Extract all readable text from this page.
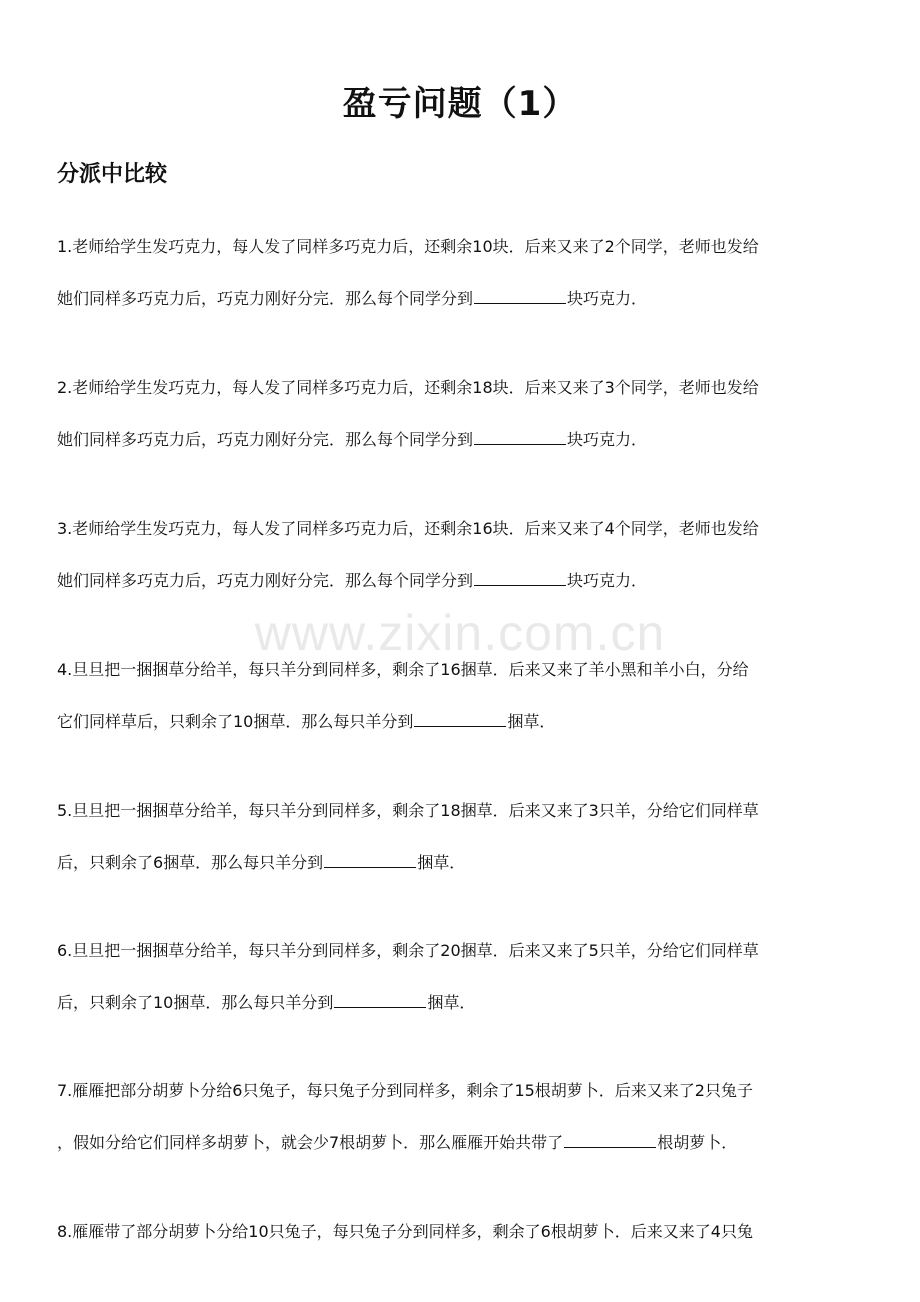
盈亏问题（1）
分派中比较
1.老师给学生发巧克力，每人发了同样多巧克力后，还剩余10块．后来又来了2个同学，老师也发给
她们同样多巧克力后，巧克力刚好分完．那么每个同学分到	块巧克力．
2.老师给学生发巧克力，每人发了同样多巧克力后，还剩余18块．后来又来了3个同学，老师也发给
她们同样多巧克力后，巧克力刚好分完．那么每个同学分到	块巧克力．
3.老师给学生发巧克力，每人发了同样多巧克力后，还剩余16块．后来又来了4个同学，老师也发给
她们同样多巧克力后，巧克力刚好分完．那么每个同学分到	块巧克力．
4.旦旦把一捆捆草分给羊，每只羊分到同样多，剩余了16捆草．后来又来了羊小黑和羊小白，分给
它们同样草后，只剩余了10捆草．那么每只羊分到	捆草．
5.旦旦把一捆捆草分给羊，每只羊分到同样多，剩余了18捆草．后来又来了3只羊，分给它们同样草
后，只剩余了6捆草．那么每只羊分到	捆草．
6.旦旦把一捆捆草分给羊，每只羊分到同样多，剩余了20捆草．后来又来了5只羊，分给它们同样草
后，只剩余了10捆草．那么每只羊分到	捆草．
7.雁雁把部分胡萝卜分给6只兔子，每只兔子分到同样多，剩余了15根胡萝卜．后来又来了2只兔子
，假如分给它们同样多胡萝卜，就会少7根胡萝卜．那么雁雁开始共带了	根胡萝卜．
8.雁雁带了部分胡萝卜分给10只兔子，每只兔子分到同样多，剩余了6根胡萝卜．后来又来了4只兔
www.zixin.com.cn
